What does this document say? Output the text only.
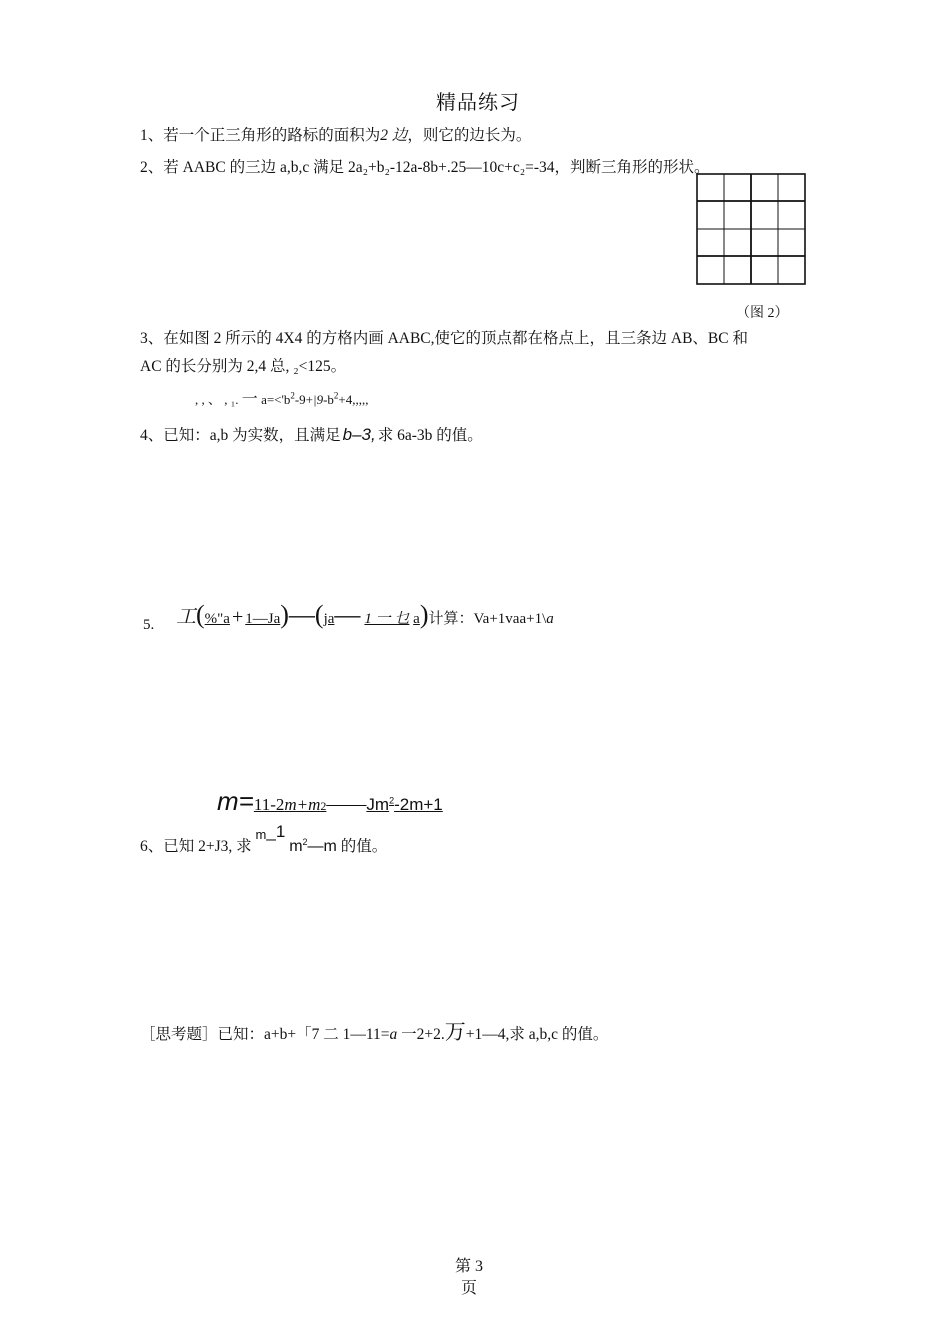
精品练习
1、若一个正三角形的路标的面积为2 边，则它的边长为。
2、若 AABC 的三边 a,b,c 满足 2a₂+b₂-12a-8b+.25—10c+c₂=-34，判断三角形的形状。
（图 2）
3、在如图 2 所示的 4X4 的方格内画 AABC,使它的顶点都在格点上，且三条边 AB、BC 和
AC 的长分别为 2,4 总, ₂<125。
, , 、 , ₁. 一 $a=<'b^2-9+|9-b^2+4$,,,,,
4、已知：a,b 为实数，且满足 b–3, 求 6a-3b 的值。
5. 工(%"a + 1—Ja)—(ja— 1 一 乜 a)计算：Va+1vaa+1\a
$m=11-2m+m2——Jm^2-2m+1$
6、已知 2+J3, 求 $^m$_1 $m^2—m$ 的值。
［思考题］已知：a+b+「7 二 1—11=a 一2+2.万+1—4,求 a,b,c 的值。
第 3
页
